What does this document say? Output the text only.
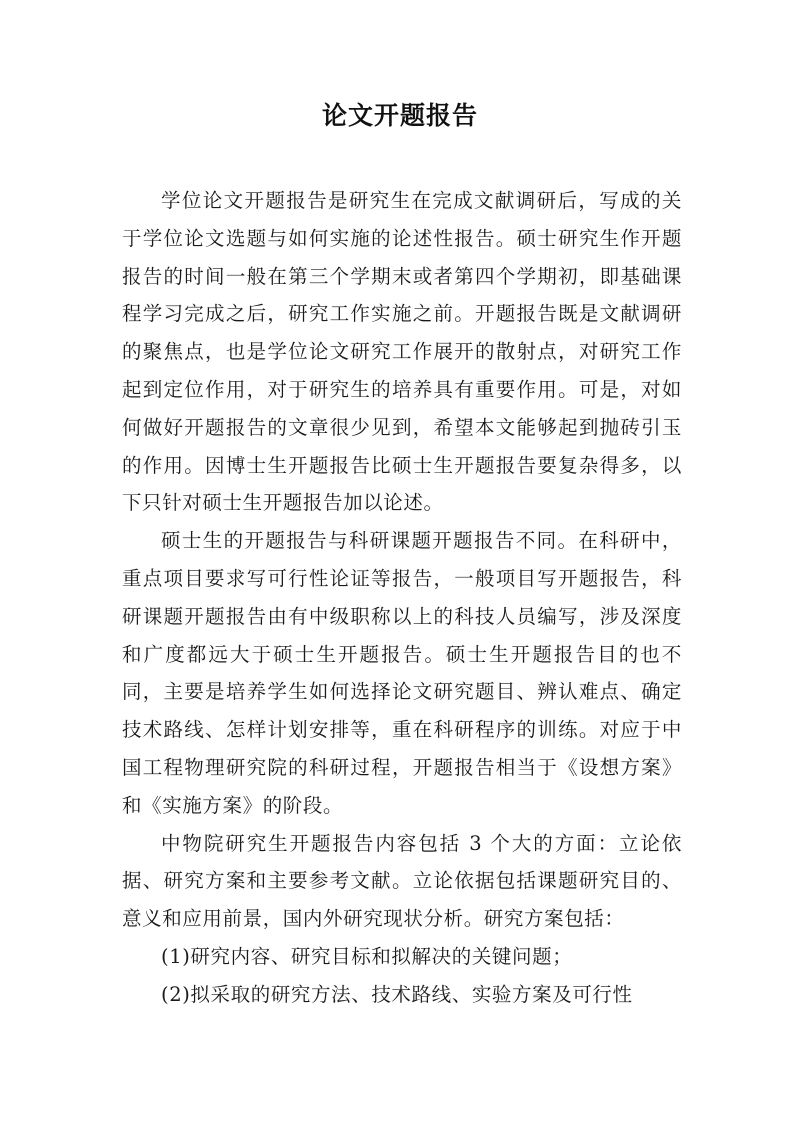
论文开题报告

学位论文开题报告是研究生在完成文献调研后，写成的关于学位论文选题与如何实施的论述性报告。硕士研究生作开题报告的时间一般在第三个学期末或者第四个学期初，即基础课程学习完成之后，研究工作实施之前。开题报告既是文献调研的聚焦点，也是学位论文研究工作展开的散射点，对研究工作起到定位作用，对于研究生的培养具有重要作用。可是，对如何做好开题报告的文章很少见到，希望本文能够起到抛砖引玉的作用。因博士生开题报告比硕士生开题报告要复杂得多，以下只针对硕士生开题报告加以论述。

硕士生的开题报告与科研课题开题报告不同。在科研中，重点项目要求写可行性论证等报告，一般项目写开题报告，科研课题开题报告由有中级职称以上的科技人员编写，涉及深度和广度都远大于硕士生开题报告。硕士生开题报告目的也不同，主要是培养学生如何选择论文研究题目、辨认难点、确定技术路线、怎样计划安排等，重在科研程序的训练。对应于中国工程物理研究院的科研过程，开题报告相当于《设想方案》和《实施方案》的阶段。

中物院研究生开题报告内容包括 3 个大的方面：立论依据、研究方案和主要参考文献。立论依据包括课题研究目的、意义和应用前景，国内外研究现状分析。研究方案包括：

(1)研究内容、研究目标和拟解决的关键问题；

(2)拟采取的研究方法、技术路线、实验方案及可行性
